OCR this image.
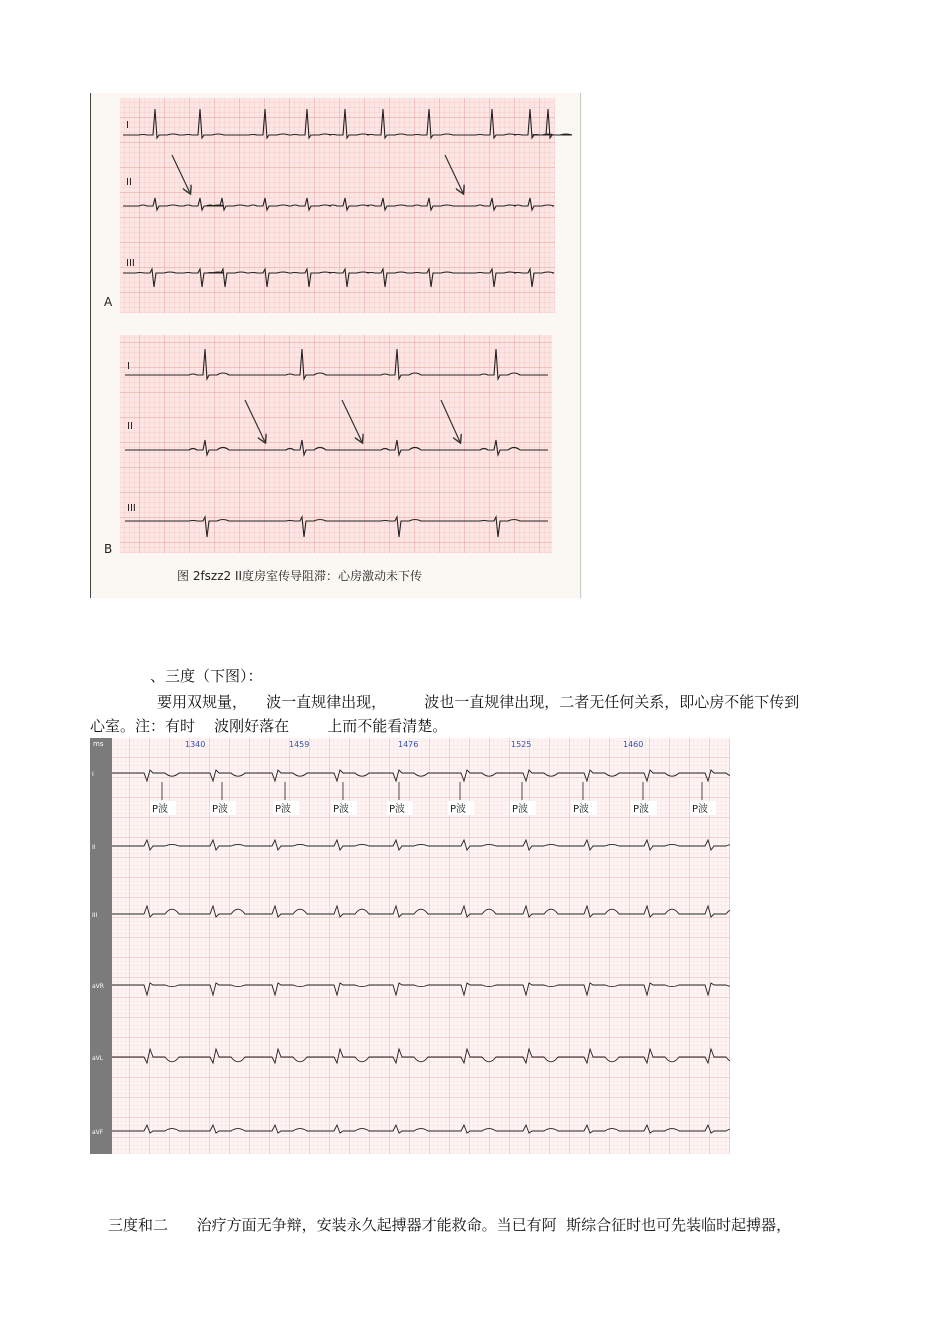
I
II
III
A
I
II
III
B
图 2fszz2 II度房室传导阻滞：心房激动未下传
、三度（下图）：
要用双规量，    波一直规律出现，        波也一直规律出现，二者无任何关系，即心房不能下传到
心室。注：有时    波刚好落在        上而不能看清楚。
ms	1340	1459	1476	1525	1460
I
II
III
aVR
aVL
aVF
P波	P波	P波	P波	P波	P波	P波	P波	P波	P波
三度和二      治疗方面无争辩，安装永久起搏器才能救命。当已有阿  斯综合征时也可先装临时起搏器，
